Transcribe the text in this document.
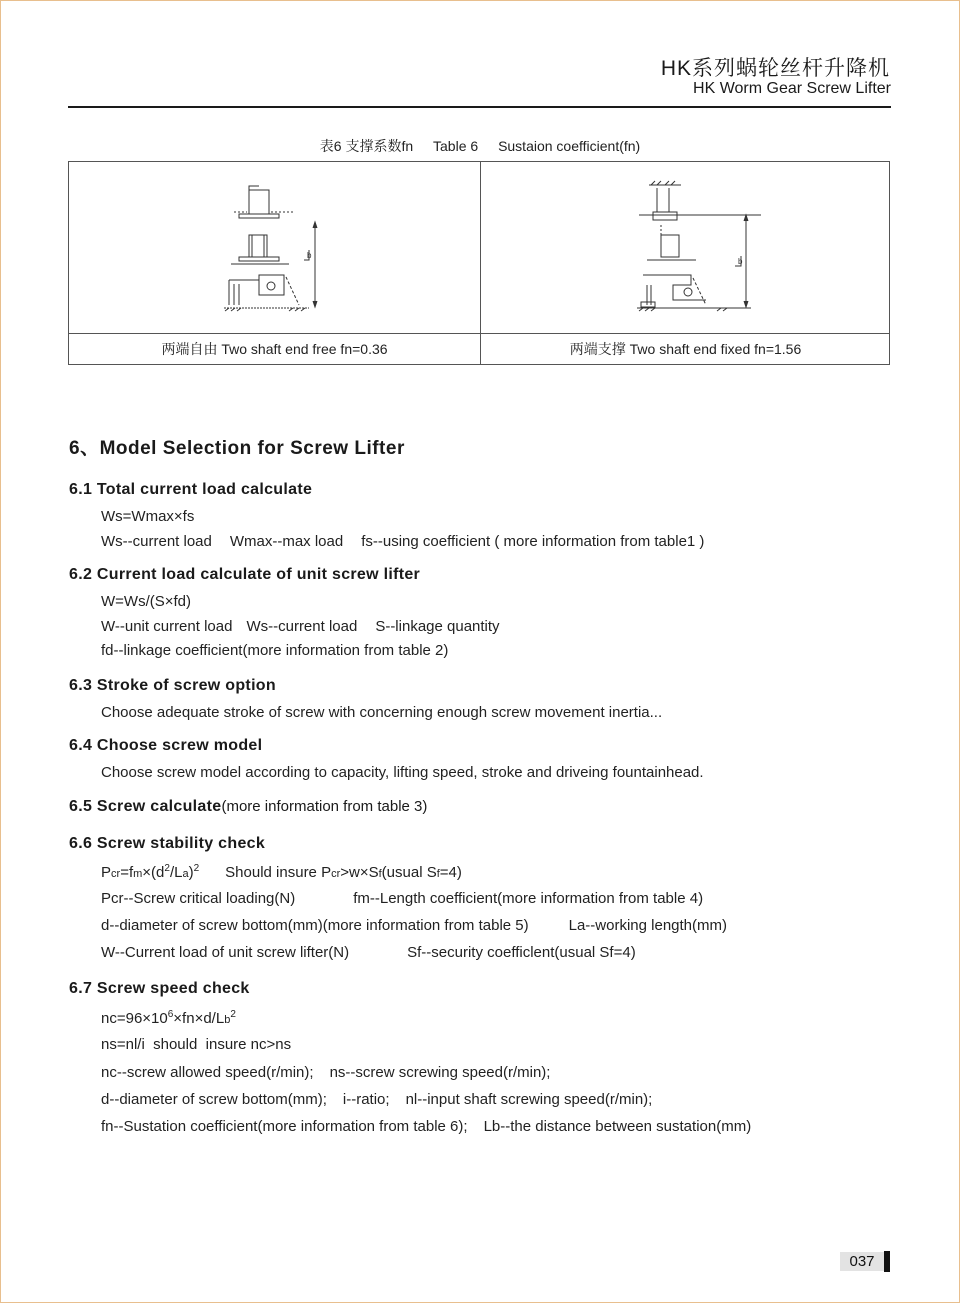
HK系列蜗轮丝杆升降机
HK Worm Gear Screw Lifter
表6 支撑系数fn Table 6 Sustaion coefficient(fn)
b
b
两端自由 Two shaft end free fn=0.36	两端支撑 Two shaft end fixed fn=1.56
6、Model Selection for Screw Lifter
6.1 Total current load calculate
Ws=Wmax×fs
Ws--current load Wmax--max load fs--using coefficient ( more information from table1 )
6.2 Current load calculate of unit screw lifter
W=Ws/(S×fd)
W--unit current load Ws--current load S--linkage quantity
fd--linkage coefficient(more information from table 2)
6.3 Stroke of screw option
Choose adequate stroke of screw with concerning enough screw movement inertia...
6.4 Choose screw model
Choose screw model according to capacity, lifting speed, stroke and driveing fountainhead.
6.5 Screw calculate(more information from table 3)
6.6 Screw stability check
$Pcr=fm\times(d^2/La)^2$ Should insure Pcr>w×Sf(usual Sf=4)
Pcr--Screw critical loading(N)	fm--Length coefficient(more information from table 4)
d--diameter of screw bottom(mm)(more information from table 5)	La--working length(mm)
W--Current load of unit screw lifter(N)	Sf--security coefficlent(usual Sf=4)
6.7 Screw speed check
$nc=96\times 10^6\times fn\times d/Lb^2$
ns=nl/i  should  insure nc>ns
nc--screw allowed speed(r/min); ns--screw screwing speed(r/min);
d--diameter of screw bottom(mm); i--ratio; nl--input shaft screwing speed(r/min);
fn--Sustation coefficient(more information from table 6); Lb--the distance between sustation(mm)
037
